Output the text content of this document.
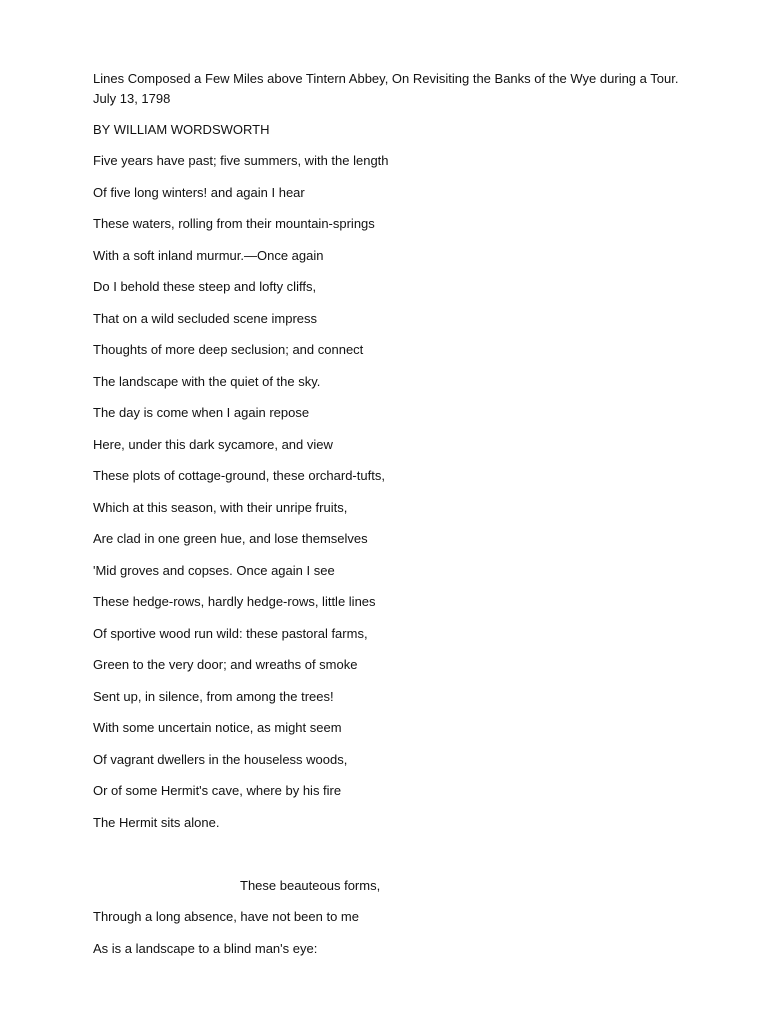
Lines Composed a Few Miles above Tintern Abbey, On Revisiting the Banks of the Wye during a Tour.

July 13, 1798

BY WILLIAM WORDSWORTH

Five years have past; five summers, with the length
Of five long winters! and again I hear
These waters, rolling from their mountain-springs
With a soft inland murmur.—Once again
Do I behold these steep and lofty cliffs,
That on a wild secluded scene impress
Thoughts of more deep seclusion; and connect
The landscape with the quiet of the sky.
The day is come when I again repose
Here, under this dark sycamore, and view
These plots of cottage-ground, these orchard-tufts,
Which at this season, with their unripe fruits,
Are clad in one green hue, and lose themselves
'Mid groves and copses. Once again I see
These hedge-rows, hardly hedge-rows, little lines
Of sportive wood run wild: these pastoral farms,
Green to the very door; and wreaths of smoke
Sent up, in silence, from among the trees!
With some uncertain notice, as might seem
Of vagrant dwellers in the houseless woods,
Or of some Hermit's cave, where by his fire
The Hermit sits alone.
These beauteous forms,
Through a long absence, have not been to me
As is a landscape to a blind man's eye:
